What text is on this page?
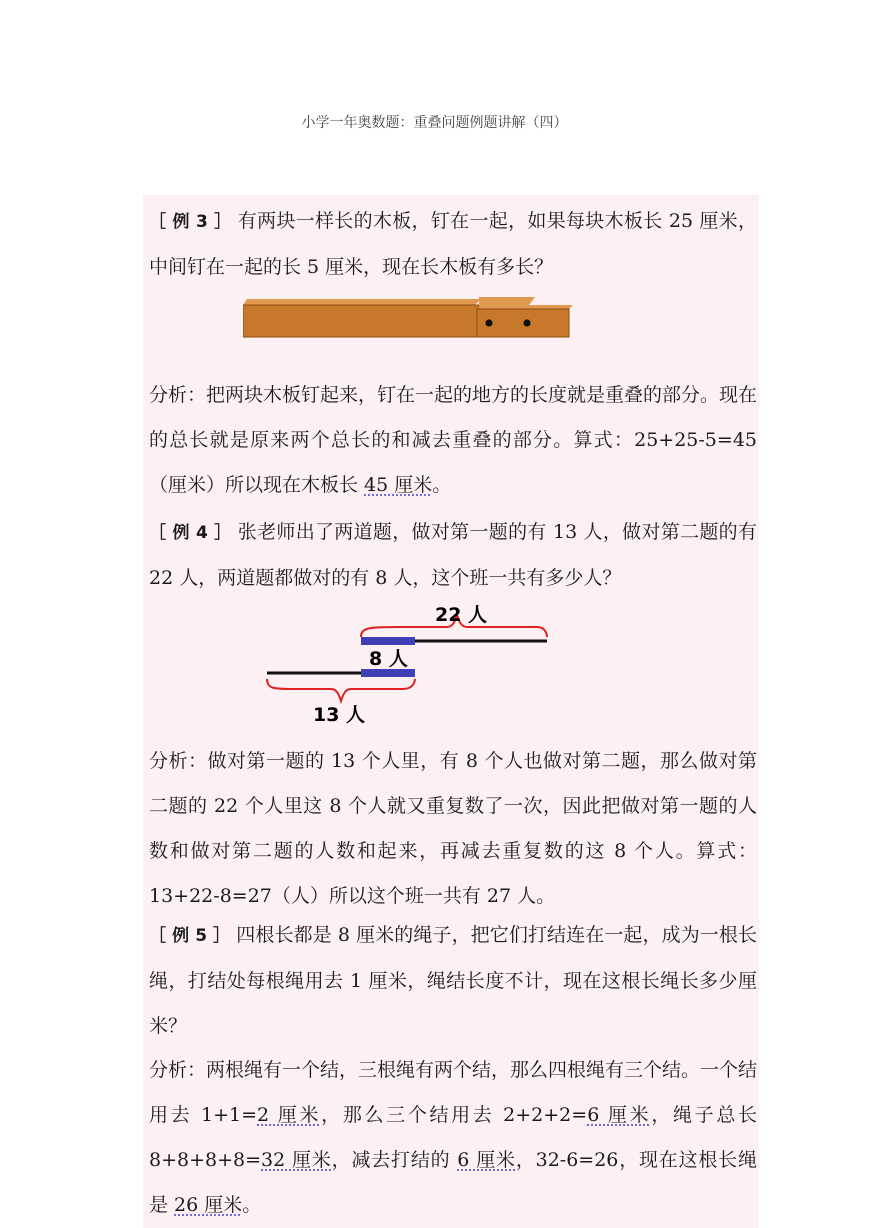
小学一年奥数题：重叠问题例题讲解（四）

［ 例 3 ］ 有两块一样长的木板，钉在一起，如果每块木板长 25 厘米，中间钉在一起的长 5 厘米，现在长木板有多长？

分析：把两块木板钉起来，钉在一起的地方的长度就是重叠的部分。现在的总长就是原来两个总长的和减去重叠的部分。算式：25+25-5=45（厘米）所以现在木板长 45 厘米。

［ 例 4 ］ 张老师出了两道题，做对第一题的有 13 人，做对第二题的有 22 人，两道题都做对的有 8 人，这个班一共有多少人？

22 人
8 人
13 人

分析：做对第一题的 13 个人里，有 8 个人也做对第二题，那么做对第二题的 22 个人里这 8 个人就又重复数了一次，因此把做对第一题的人数和做对第二题的人数和起来，再减去重复数的这 8 个人。算式：13+22-8=27（人）所以这个班一共有 27 人。

［ 例 5 ］ 四根长都是 8 厘米的绳子，把它们打结连在一起，成为一根长绳，打结处每根绳用去 1 厘米，绳结长度不计，现在这根长绳长多少厘米？

分析：两根绳有一个结，三根绳有两个结，那么四根绳有三个结。一个结用去 1+1=2 厘米，那么三个结用去 2+2+2=6 厘米，绳子总长 8+8+8+8=32 厘米，减去打结的 6 厘米，32-6=26，现在这根长绳是 26 厘米。
